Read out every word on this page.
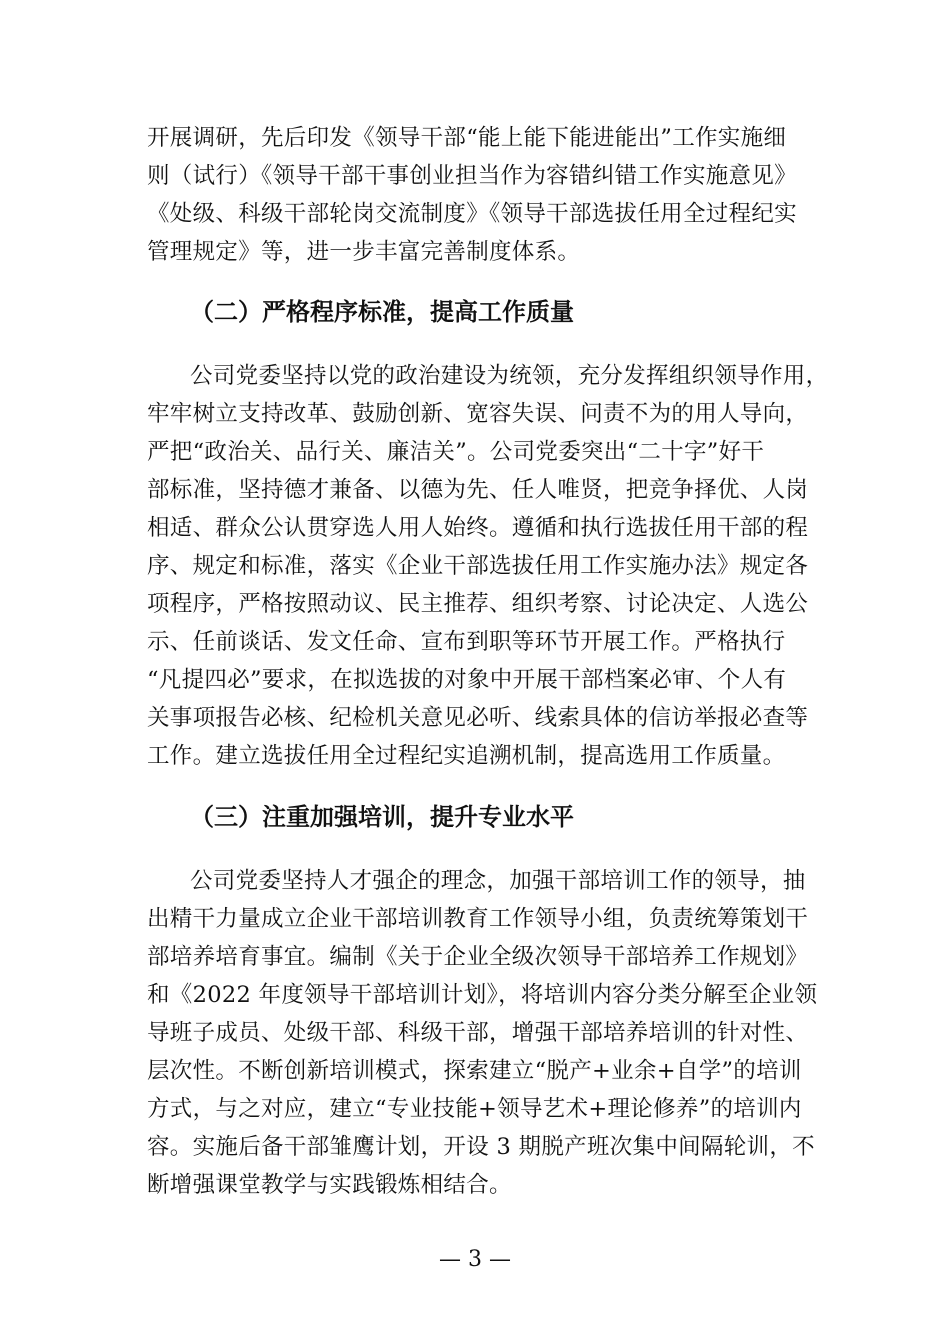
开展调研，先后印发《领导干部“能上能下能进能出”工作实施细
则（试行）《领导干部干事创业担当作为容错纠错工作实施意见》
《处级、科级干部轮岗交流制度》《领导干部选拔任用全过程纪实
管理规定》等，进一步丰富完善制度体系。
（二）严格程序标准，提高工作质量
公司党委坚持以党的政治建设为统领，充分发挥组织领导作用，
牢牢树立支持改革、鼓励创新、宽容失误、问责不为的用人导向，
严把“政治关、品行关、廉洁关”。公司党委突出“二十字”好干
部标准，坚持德才兼备、以德为先、任人唯贤，把竞争择优、人岗
相适、群众公认贯穿选人用人始终。遵循和执行选拔任用干部的程
序、规定和标准，落实《企业干部选拔任用工作实施办法》规定各
项程序，严格按照动议、民主推荐、组织考察、讨论决定、人选公
示、任前谈话、发文任命、宣布到职等环节开展工作。严格执行
“凡提四必”要求，在拟选拔的对象中开展干部档案必审、个人有
关事项报告必核、纪检机关意见必听、线索具体的信访举报必查等
工作。建立选拔任用全过程纪实追溯机制，提高选用工作质量。
（三）注重加强培训，提升专业水平
公司党委坚持人才强企的理念，加强干部培训工作的领导，抽
出精干力量成立企业干部培训教育工作领导小组，负责统筹策划干
部培养培育事宜。编制《关于企业全级次领导干部培养工作规划》
和《2022 年度领导干部培训计划》，将培训内容分类分解至企业领
导班子成员、处级干部、科级干部，增强干部培养培训的针对性、
层次性。不断创新培训模式，探索建立“脱产+业余+自学”的培训
方式，与之对应，建立“专业技能+领导艺术+理论修养”的培训内
容。实施后备干部雏鹰计划，开设 3 期脱产班次集中间隔轮训，不
断增强课堂教学与实践锻炼相结合。
— 3 —
